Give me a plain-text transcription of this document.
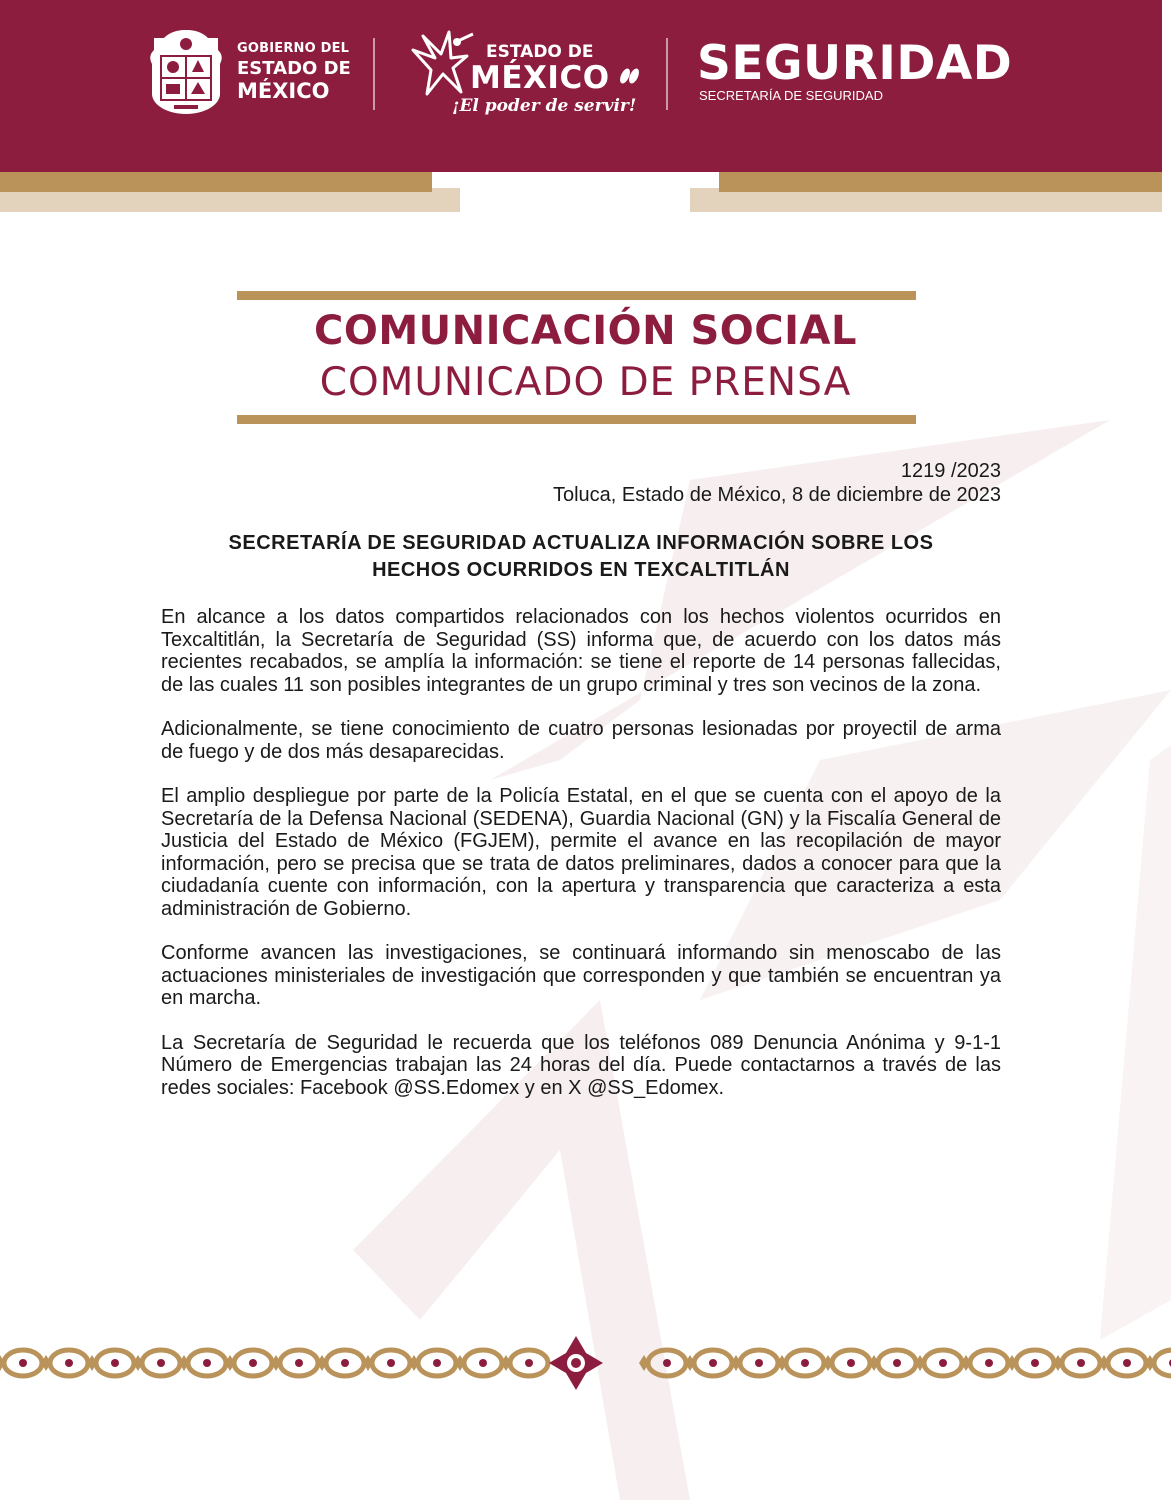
GOBIERNO DEL
ESTADO DE
MÉXICO
ESTADO DE
MÉXICO
¡El poder de servir!
SEGURIDAD
SECRETARÍA DE SEGURIDAD
COMUNICACIÓN SOCIAL
COMUNICADO DE PRENSA
1219 /2023
Toluca, Estado de México, 8 de diciembre de 2023
SECRETARÍA DE SEGURIDAD ACTUALIZA INFORMACIÓN SOBRE LOS
HECHOS OCURRIDOS EN TEXCALTITLÁN

En alcance a los datos compartidos relacionados con los hechos violentos ocurridos en Texcaltitlán, la Secretaría de Seguridad (SS) informa que, de acuerdo con los datos más recientes recabados, se amplía la información: se tiene el reporte de 14 personas fallecidas, de las cuales 11 son posibles integrantes de un grupo criminal y tres son vecinos de la zona.

Adicionalmente, se tiene conocimiento de cuatro personas lesionadas por proyectil de arma de fuego y de dos más desaparecidas.

El amplio despliegue por parte de la Policía Estatal, en el que se cuenta con el apoyo de la Secretaría de la Defensa Nacional (SEDENA), Guardia Nacional (GN) y la Fiscalía General de Justicia del Estado de México (FGJEM), permite el avance en las recopilación de mayor información, pero se precisa que se trata de datos preliminares, dados a conocer para que la ciudadanía cuente con información, con la apertura y transparencia que caracteriza a esta administración de Gobierno.

Conforme avancen las investigaciones, se continuará informando sin menoscabo de las actuaciones ministeriales de investigación que corresponden y que también se encuentran ya en marcha.

La Secretaría de Seguridad le recuerda que los teléfonos 089 Denuncia Anónima y 9-1-1 Número de Emergencias trabajan las 24 horas del día. Puede contactarnos a través de las redes sociales: Facebook @SS.Edomex y en X @SS_Edomex.
